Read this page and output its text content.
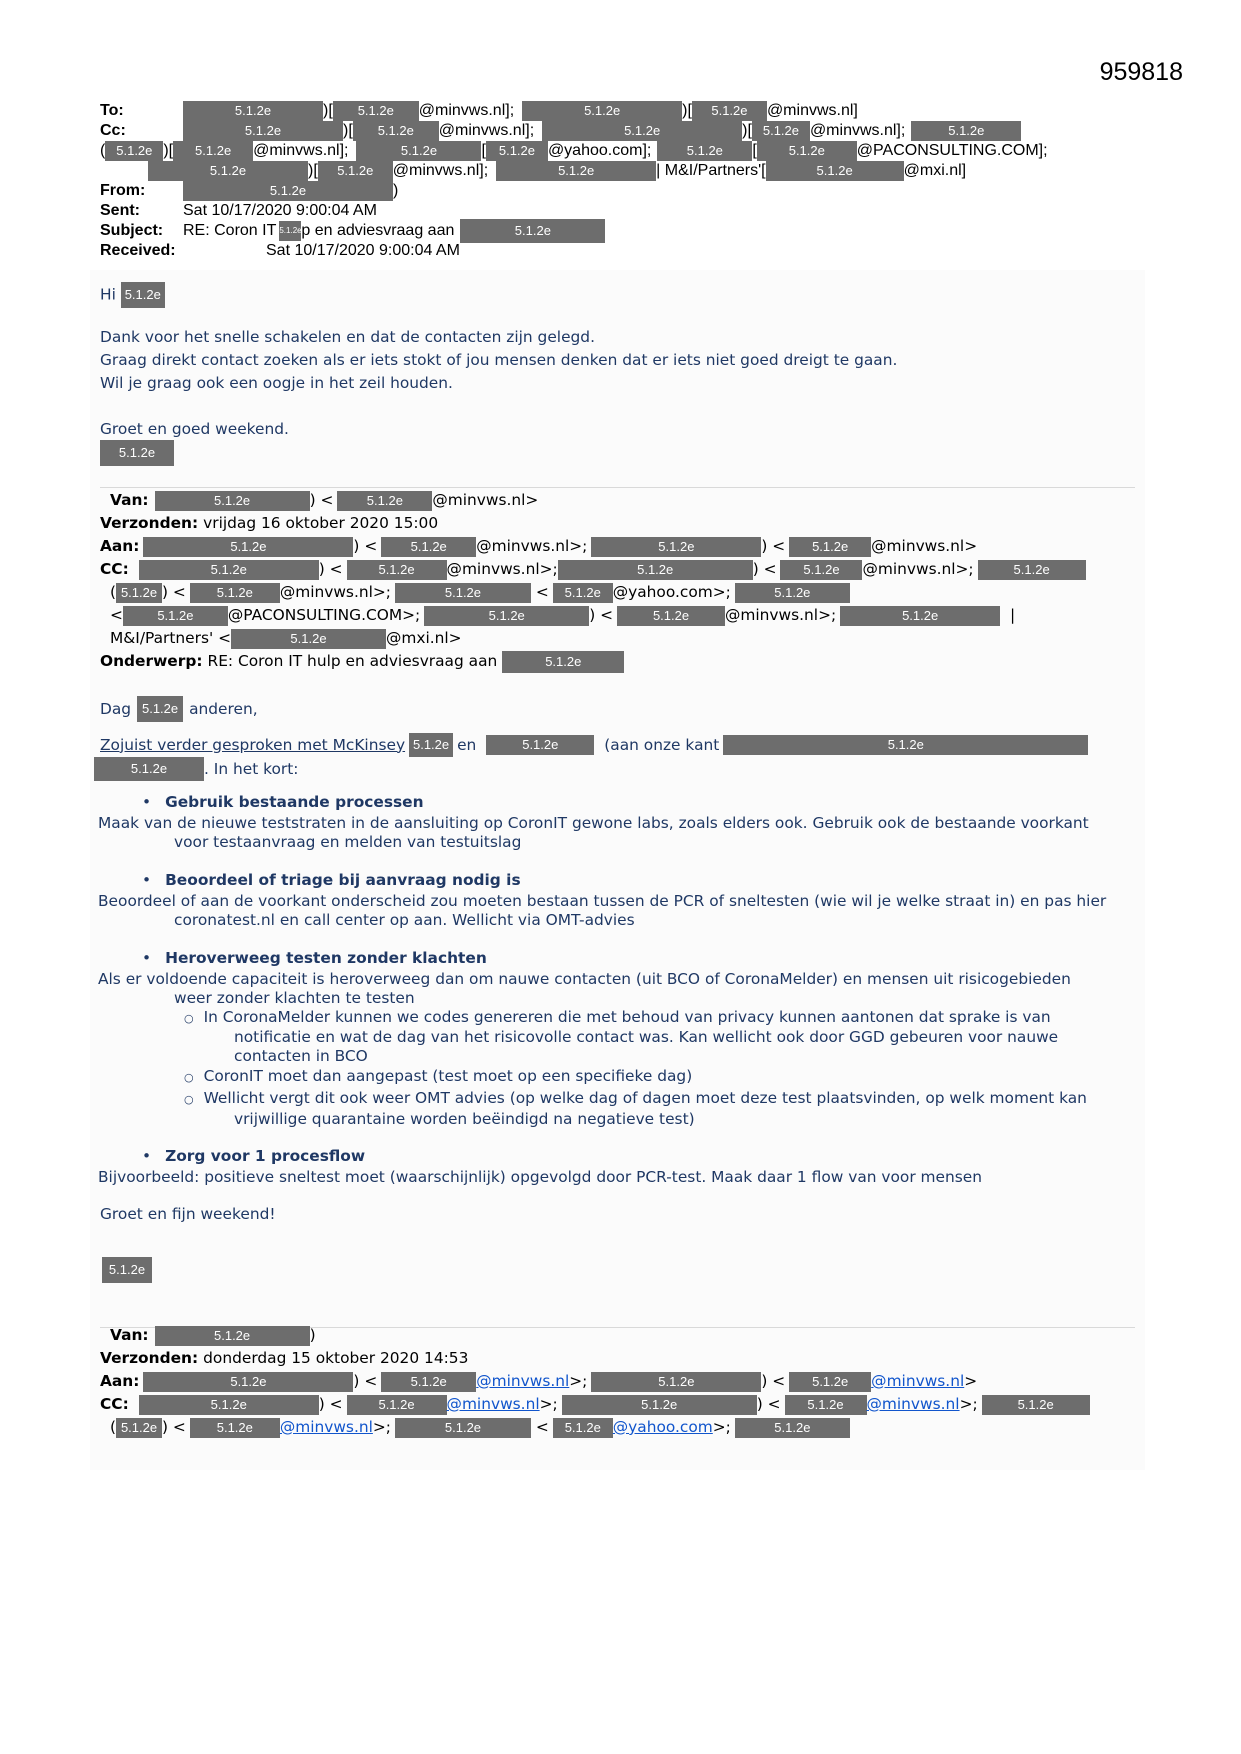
959818
To:	5.1.2e	)[	5.1.2e	@minvws.nl];	5.1.2e	)[	5.1.2e	@minvws.nl]
Cc:	5.1.2e	)[	5.1.2e	@minvws.nl];	5.1.2e	)[ 5.1.2e @minvws.nl];	5.1.2e
( 5.1.2e )[	5.1.2e	@minvws.nl];	5.1.2e	[ 5.1.2e @yahoo.com];	5.1.2e	[	5.1.2e	@PACONSULTING.COM];
5.1.2e	)[	5.1.2e	@minvws.nl];	5.1.2e	| M&I/Partners'[	5.1.2e	@mxi.nl]
From:	5.1.2e	)
Sent:	Sat 10/17/2020 9:00:04 AM
Subject:	RE: Coron IT 5.1.2e p en adviesvraag aan	5.1.2e
Received:	Sat 10/17/2020 9:00:04 AM
Hi 5.1.2e

Dank voor het snelle schakelen en dat de contacten zijn gelegd.

Graag direkt contact zoeken als er iets stokt of jou mensen denken dat er iets niet goed dreigt te gaan.

Wil je graag ook een oogje in het zeil houden.

Groet en goed weekend.
5.1.2e
Van:	5.1.2e	) <	5.1.2e	@minvws.nl>
Verzonden: vrijdag 16 oktober 2020 15:00
Aan:	5.1.2e	) <	5.1.2e	@minvws.nl>;	5.1.2e	) <	5.1.2e	@minvws.nl>
CC:	5.1.2e	) <	5.1.2e	@minvws.nl>;	5.1.2e	) <	5.1.2e	@minvws.nl>;	5.1.2e
( 5.1.2e ) <	5.1.2e	@minvws.nl>;	5.1.2e	<	5.1.2e @yahoo.com>;	5.1.2e
<	5.1.2e	@PACONSULTING.COM>;	5.1.2e	) <	5.1.2e	@minvws.nl>;	5.1.2e	|
M&I/Partners' <	5.1.2e	@mxi.nl>
Onderwerp: RE: Coron IT hulp en adviesvraag aan	5.1.2e
Dag 5.1.2e anderen,
Zojuist verder gesproken met McKinsey 5.1.2e en	5.1.2e	(aan onze kant	5.1.2e
5.1.2e	. In het kort:
• Gebruik bestaande processen

Maak van de nieuwe teststraten in de aansluiting op CoronIT gewone labs, zoals elders ook. Gebruik ook de bestaande voorkant

voor testaanvraag en melden van testuitslag

• Beoordeel of triage bij aanvraag nodig is

Beoordeel of aan de voorkant onderscheid zou moeten bestaan tussen de PCR of sneltesten (wie wil je welke straat in) en pas hier

coronatest.nl en call center op aan. Wellicht via OMT-advies

• Heroverweeg testen zonder klachten

Als er voldoende capaciteit is heroverweeg dan om nauwe contacten (uit BCO of CoronaMelder) en mensen uit risicogebieden

weer zonder klachten te testen

○ In CoronaMelder kunnen we codes genereren die met behoud van privacy kunnen aantonen dat sprake is van

notificatie en wat de dag van het risicovolle contact was. Kan wellicht ook door GGD gebeuren voor nauwe

contacten in BCO

○ CoronIT moet dan aangepast (test moet op een specifieke dag)

○ Wellicht vergt dit ook weer OMT advies (op welke dag of dagen moet deze test plaatsvinden, op welk moment kan

vrijwillige quarantaine worden beëindigd na negatieve test)

• Zorg voor 1 procesflow

Bijvoorbeeld: positieve sneltest moet (waarschijnlijk) opgevolgd door PCR-test. Maak daar 1 flow van voor mensen

Groet en fijn weekend!
5.1.2e
Van:	5.1.2e	)
Verzonden: donderdag 15 oktober 2020 14:53
Aan:	5.1.2e	) <	5.1.2e	@minvws.nl >;	5.1.2e	) <	5.1.2e	@minvws.nl >
CC:	5.1.2e	) <	5.1.2e	@minvws.nl >;	5.1.2e	) <	5.1.2e	@minvws.nl >;	5.1.2e
( 5.1.2e ) <	5.1.2e	@minvws.nl >;	5.1.2e	<	5.1.2e @yahoo.com >;	5.1.2e
